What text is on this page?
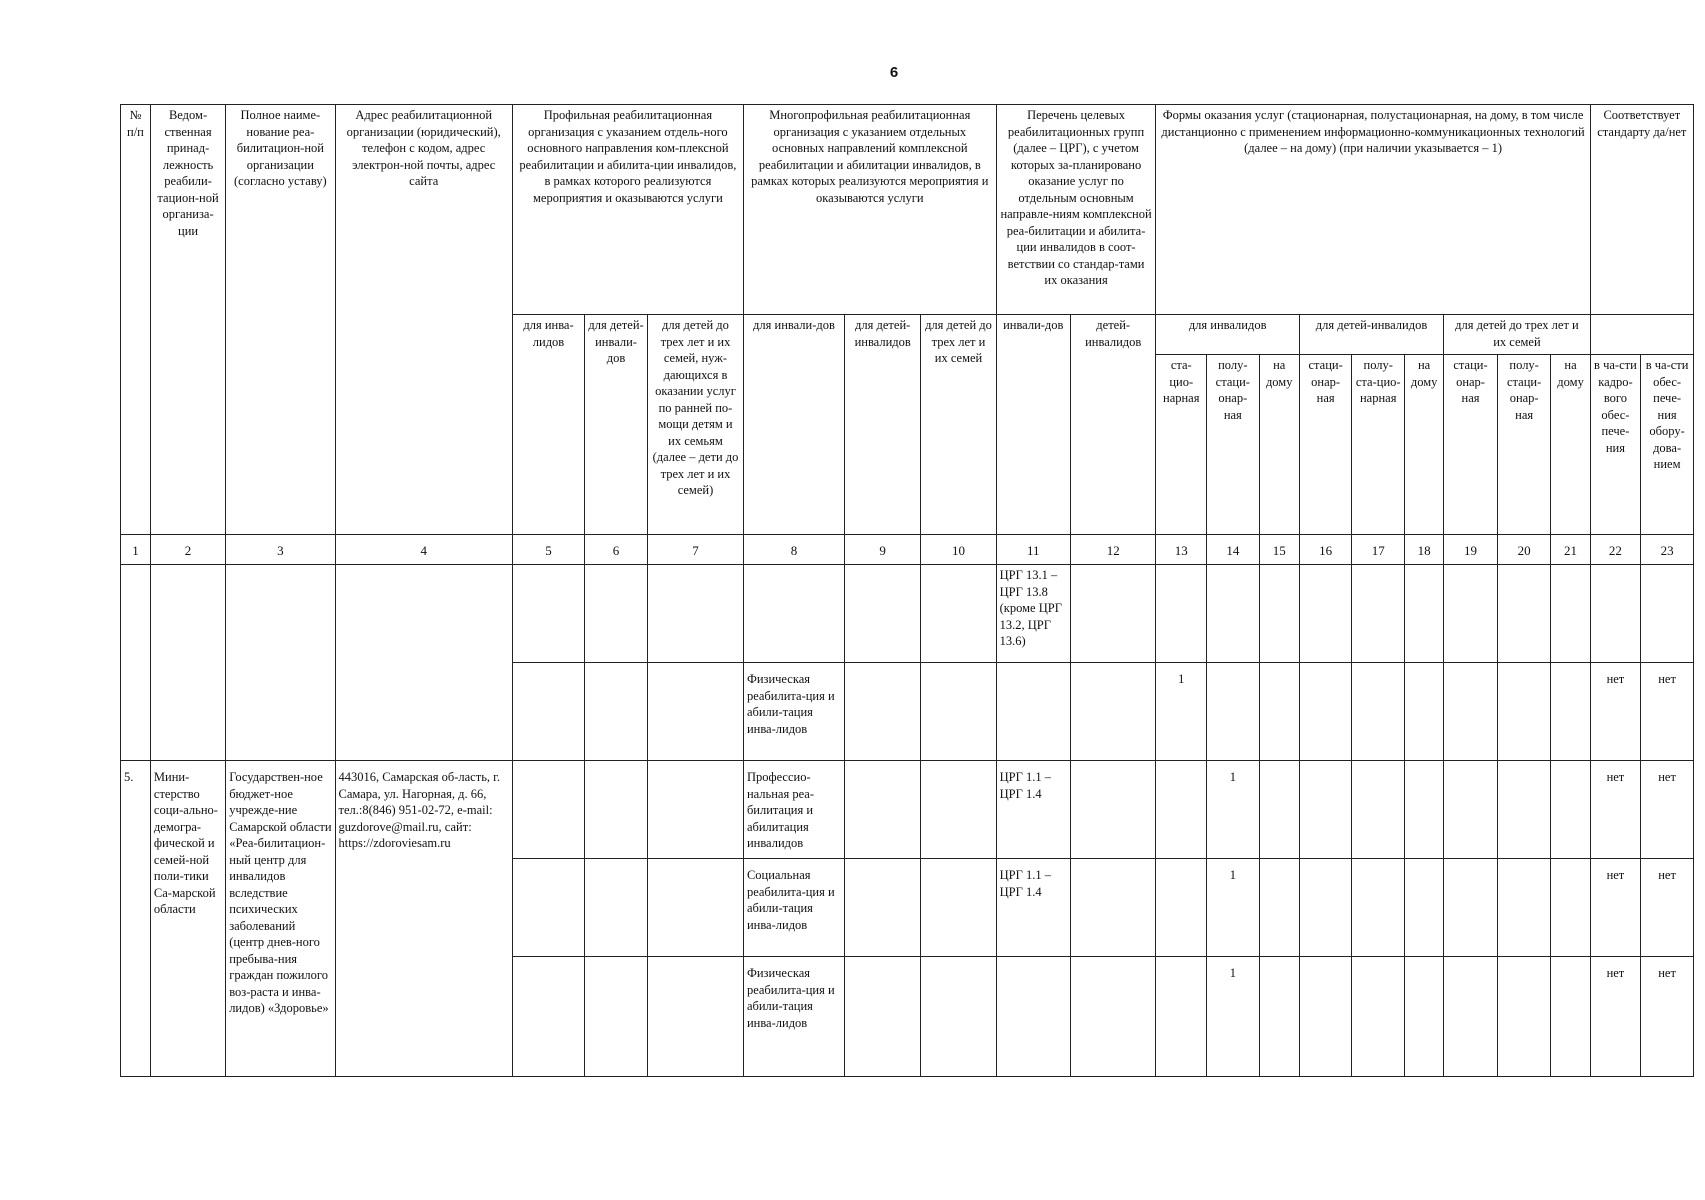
6
№ п/п	Ведом-ственная принад-лежность реабили-тацион-ной организа-ции	Полное наиме-нование реа-билитацион-ной организации (согласно уставу)	Адрес реабилитационной организации (юридический), телефон с кодом, адрес электрон-ной почты, адрес сайта	Профильная реабилитационная организация с указанием отдель-ного основного направления ком-плексной реабилитации и абилита-ции инвалидов, в рамках которого реализуются мероприятия и оказываются услуги			Многопрофильная реабилитационная организация с указанием отдельных основных направлений комплексной реабилитации и абилитации инвалидов, в рамках которых реализуются мероприятия и оказываются услуги			Перечень целевых реабилитационных групп (далее – ЦРГ), с учетом которых за-планировано оказание услуг по отдельным основным направле-ниям комплексной реа-билитации и абилита-ции инвалидов в соот-ветствии со стандар-тами их оказания		Формы оказания услуг (стационарная, полустационарная, на дому, в том числе дистанционно с применением информационно-коммуникационных технологий (далее – на дому) (при наличии указывается – 1)									Соответствует стандарту да/нет	
				для инва-лидов	для детей-инвали-дов	для детей до трех лет и их семей, нуж-дающихся в оказании услуг по ранней по-мощи детям и их семьям (далее – дети до трех лет и их семей)	для инвали-дов	для детей-инвалидов	для детей до трех лет и их семей	инвали-дов	детей-инвалидов	для инвалидов			для детей-инвалидов			для детей до трех лет и их семей				
												ста-цио-нарная	полу-стаци-онар-ная	на дому	стаци-онар-ная	полу-ста-цио-нарная	на дому	стаци-онар-ная	полу-стаци-онар-ная	на дому	в ча-сти кадро-вого обес-пече-ния	в ча-сти обес-пече-ния обору-дова-нием
1	2	3	4	5	6	7	8	9	10	11	12	13	14	15	16	17	18	19	20	21	22	23
										ЦРГ 13.1 – ЦРГ 13.8 (кроме ЦРГ 13.2, ЦРГ 13.6)												
							Физическая реабилита-ция и абили-тация инва-лидов					1									нет	нет
5.	Мини-стерство соци-ально-демогра-фической и семей-ной поли-тики Са-марской области	Государствен-ное бюджет-ное учрежде-ние Самарской области «Реа-билитацион-ный центр для инвалидов вследствие психических заболеваний (центр днев-ного пребыва-ния граждан пожилого воз-раста и инва-лидов) «Здоровье»	443016, Самарская об-ласть, г. Самара, ул. Нагорная, д. 66, тел.:8(846) 951-02-72, e-mail: guzdorove@mail.ru, сайт: https://zdoroviesam.ru				Професcио-нальная реа-билитация и абилитация инвалидов			ЦРГ 1.1 – ЦРГ 1.4			1								нет	нет
							Социальная реабилита-ция и абили-тация инва-лидов			ЦРГ 1.1 – ЦРГ 1.4			1								нет	нет
							Физическая реабилита-ция и абили-тация инва-лидов						1								нет	нет
